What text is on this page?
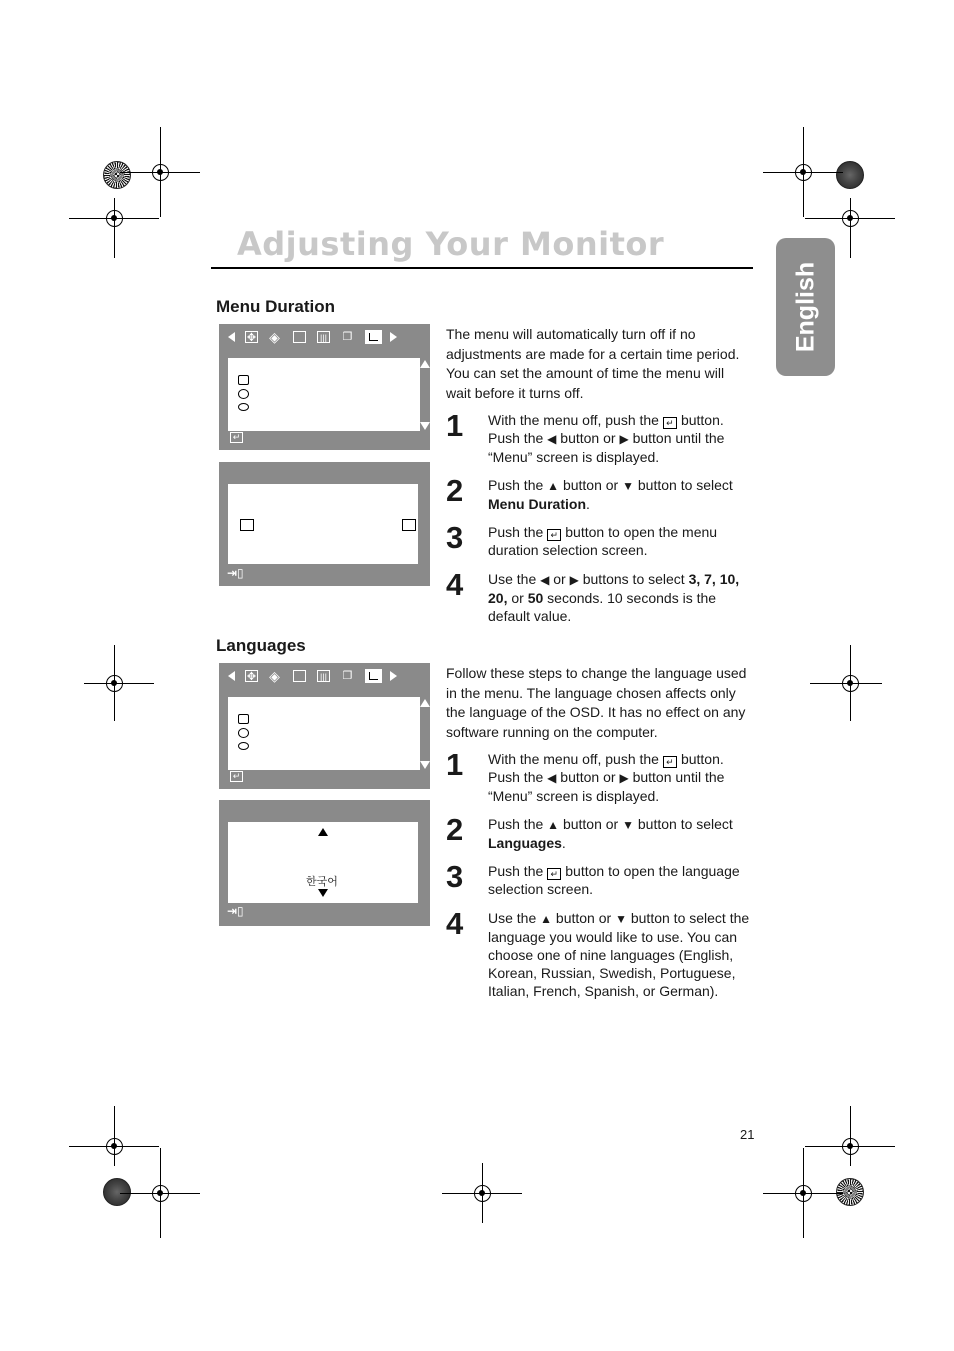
Adjusting Your Monitor
English
Menu Duration
✥ ◈	||| ❐
↵
⇥▯
The menu will automatically turn off if no adjustments are made for a certain time period. You can set the amount of time the menu will wait before it turns off.
1 With the menu off, push the ↵ button. Push the ◀ button or ▶ button until the “Menu” screen is displayed.
2 Push the ▲ button or ▼ button to select Menu Duration.
3 Push the ↵ button to open the menu duration selection screen.
4 Use the ◀ or ▶ buttons to select 3, 7, 10, 20, or 50 seconds. 10 seconds is the default value.
Languages
✥ ◈	||| ❐
↵
한국어
⇥▯
Follow these steps to change the language used in the menu. The language chosen affects only the language of the OSD. It has no effect on any software running on the computer.
1 With the menu off, push the ↵ button. Push the ◀ button or ▶ button until the “Menu” screen is displayed.
2 Push the ▲ button or ▼ button to select Languages.
3 Push the ↵ button to open the language selection screen.
4 Use the ▲ button or ▼ button to select the language you would like to use. You can choose one of nine languages (English, Korean, Russian, Swedish, Portuguese, Italian, French, Spanish, or German).
21
